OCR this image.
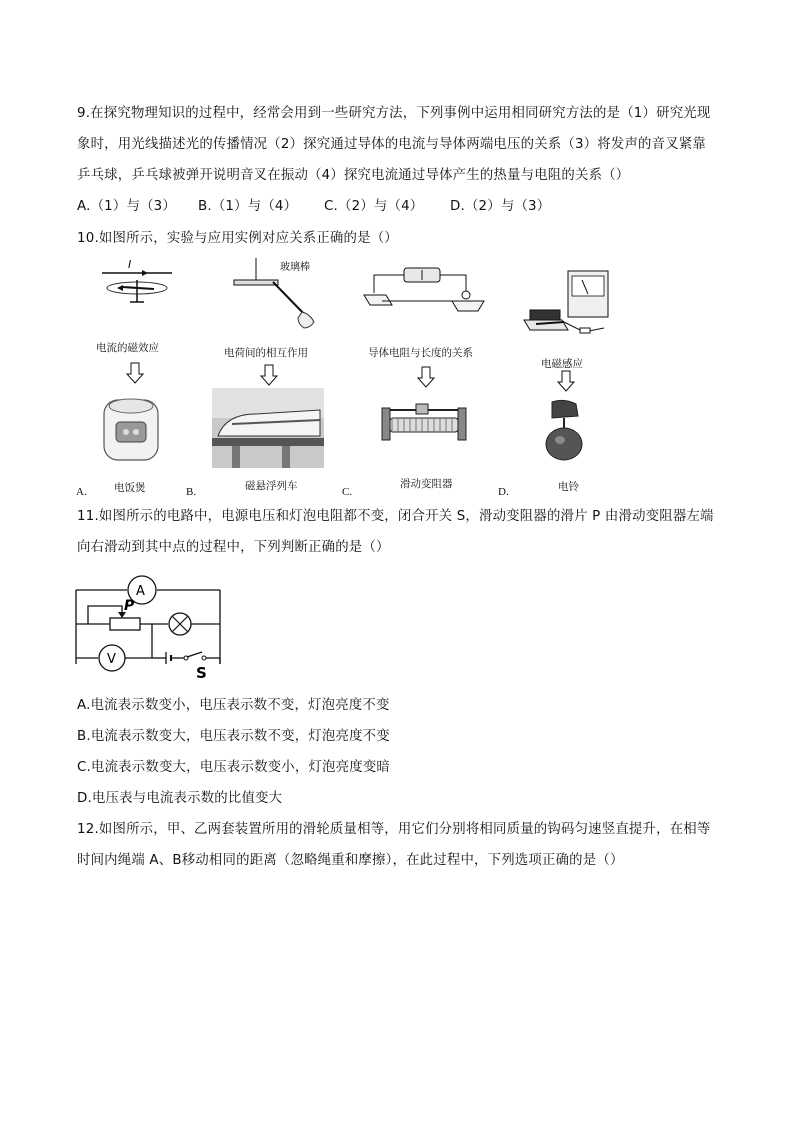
9.在探究物理知识的过程中，经常会用到一些研究方法，下列事例中运用相同研究方法的是（1）研究光现
象时，用光线描述光的传播情况（2）探究通过导体的电流与导体两端电压的关系（3）将发声的音叉紧靠
乒乓球，乒乓球被弹开说明音叉在振动（4）探究电流通过导体产生的热量与电阻的关系（）
A.（1）与（3） B.（1）与（4） C.（2）与（4） D.（2）与（3）
10.如图所示，实验与应用实例对应关系正确的是（）
I
电流的磁效应
玻璃棒
电荷间的相互作用	导体电阻与长度的关系
电磁感应
A.	电饭煲	B.	磁悬浮列车	C.
滑动变阻器
D.	电铃
11.如图所示的电路中，电源电压和灯泡电阻都不变，闭合开关 S，滑动变阻器的滑片 P 由滑动变阻器左端
向右滑动到其中点的过程中，下列判断正确的是（）
A
P
V
S
A.电流表示数变小，电压表示数不变，灯泡亮度不变
B.电流表示数变大，电压表示数不变，灯泡亮度不变
C.电流表示数变大，电压表示数变小，灯泡亮度变暗
D.电压表与电流表示数的比值变大
12.如图所示，甲、乙两套装置所用的滑轮质量相等，用它们分别将相同质量的钩码匀速竖直提升，在相等
时间内绳端 A、B移动相同的距离（忽略绳重和摩擦），在此过程中，下列选项正确的是（）
